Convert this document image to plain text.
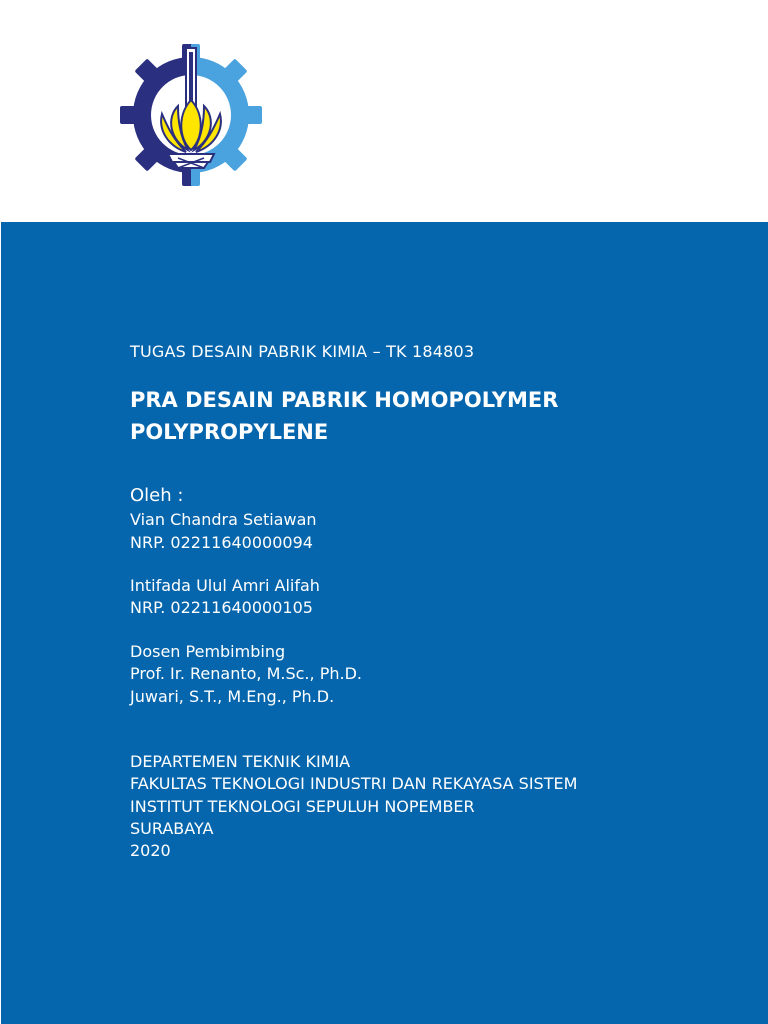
TUGAS DESAIN PABRIK KIMIA – TK 184803
PRA DESAIN PABRIK HOMOPOLYMER
POLYPROPYLENE
Oleh :
Vian Chandra Setiawan
NRP. 02211640000094
Intifada Ulul Amri Alifah
NRP. 02211640000105
Dosen Pembimbing
Prof. Ir. Renanto, M.Sc., Ph.D.
Juwari, S.T., M.Eng., Ph.D.
DEPARTEMEN TEKNIK KIMIA
FAKULTAS TEKNOLOGI INDUSTRI DAN REKAYASA SISTEM
INSTITUT TEKNOLOGI SEPULUH NOPEMBER
SURABAYA
2020
